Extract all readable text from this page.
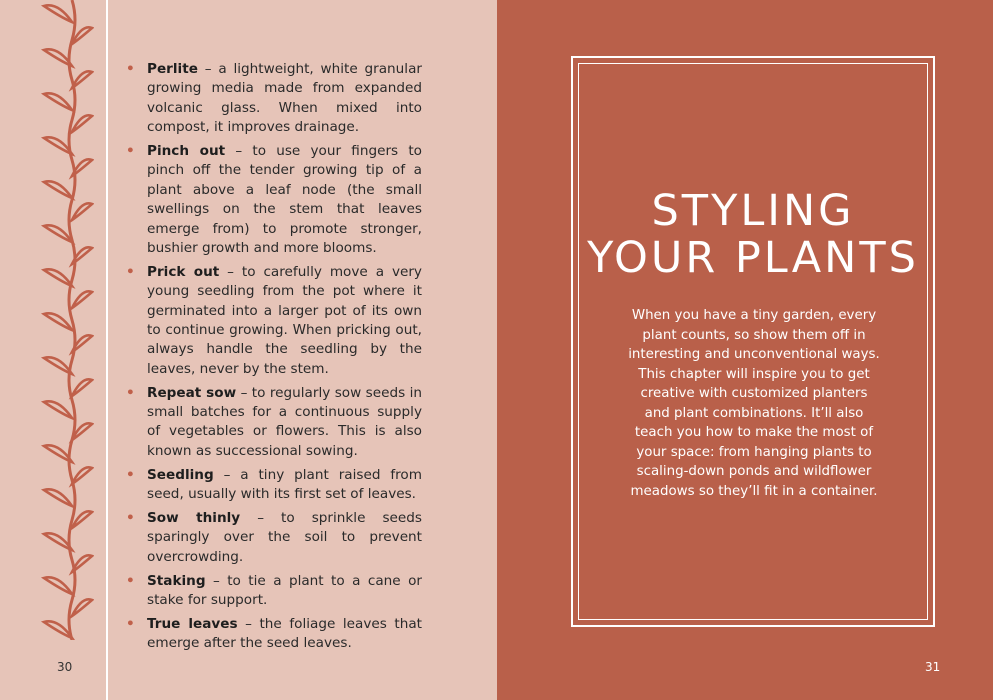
• Perlite – a lightweight, white granular growing media made from expanded volcanic glass. When mixed into compost, it improves drainage.
• Pinch out – to use your fingers to pinch off the tender growing tip of a plant above a leaf node (the small swellings on the stem that leaves emerge from) to promote stronger, bushier growth and more blooms.
• Prick out – to carefully move a very young seedling from the pot where it germinated into a larger pot of its own to continue growing. When pricking out, always handle the seedling by the leaves, never by the stem.
• Repeat sow – to regularly sow seeds in small batches for a continuous supply of vegetables or flowers. This is also known as successional sowing.
• Seedling – a tiny plant raised from seed, usually with its first set of leaves.
• Sow thinly – to sprinkle seeds sparingly over the soil to prevent overcrowding.
• Staking – to tie a plant to a cane or stake for support.
• True leaves – the foliage leaves that emerge after the seed leaves.
30
STYLING
YOUR PLANTS

When you have a tiny garden, every
plant counts, so show them off in
interesting and unconventional ways.
This chapter will inspire you to get
creative with customized planters
and plant combinations. It’ll also
teach you how to make the most of
your space: from hanging plants to
scaling-down ponds and wildflower
meadows so they’ll fit in a container.

31
